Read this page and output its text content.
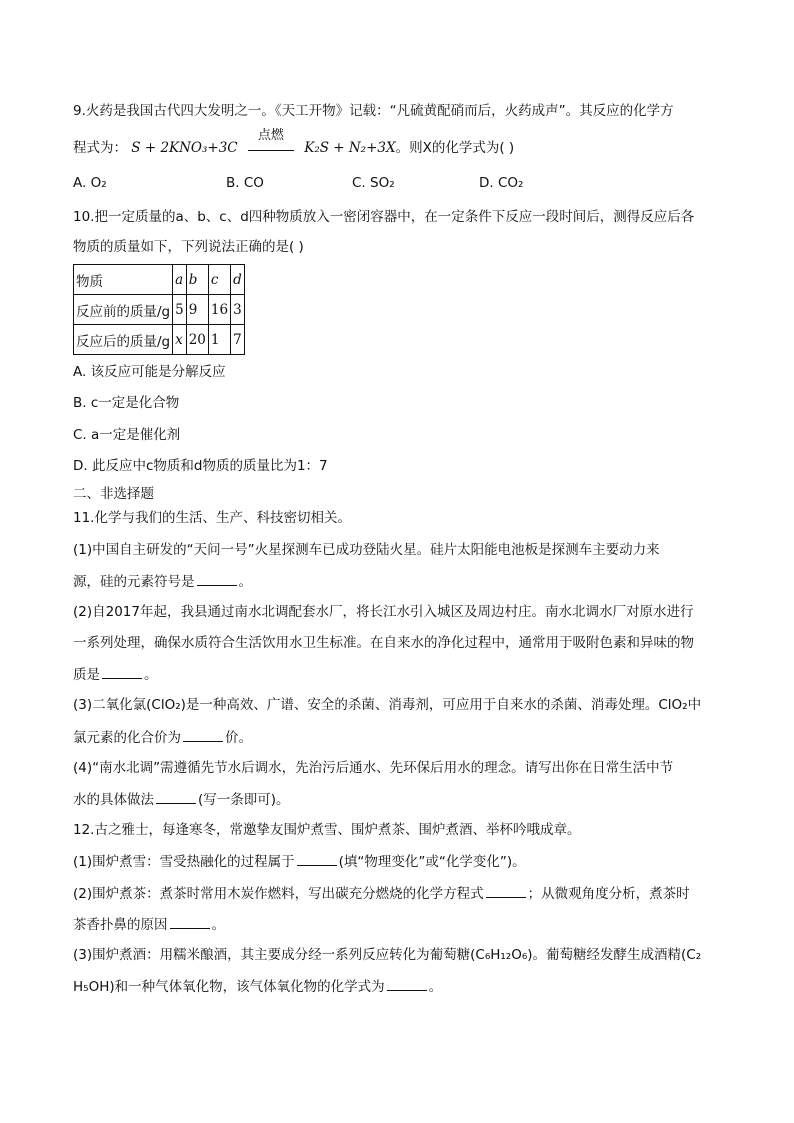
9.火药是我国古代四大发明之一。《天工开物》记载：“凡硫黄配硝而后，火药成声”。其反应的化学方
程式为： S + 2KNO₃+3C
点燃
K₂S + N₂+3X。则X的化学式为( )
A. O₂	B. CO	C. SO₂	D. CO₂
10.把一定质量的a、b、c、d四种物质放入一密闭容器中，在一定条件下反应一段时间后，测得反应后各
物质的质量如下，下列说法正确的是( )
物质	a	b	c	d
反应前的质量/g	5	9	16	3
反应后的质量/g	x	20	1	7
A. 该反应可能是分解反应
B. c一定是化合物
C. a一定是催化剂
D. 此反应中c物质和d物质的质量比为1：7
二、非选择题
11.化学与我们的生活、生产、科技密切相关。
(1)中国自主研发的“天问一号”火星探测车已成功登陆火星。硅片太阳能电池板是探测车主要动力来
源，硅的元素符号是	。
(2)自2017年起，我县通过南水北调配套水厂，将长江水引入城区及周边村庄。南水北调水厂对原水进行
一系列处理，确保水质符合生活饮用水卫生标准。在自来水的净化过程中，通常用于吸附色素和异味的物
质是	。
(3)二氧化氯(ClO₂)是一种高效、广谱、安全的杀菌、消毒剂，可应用于自来水的杀菌、消毒处理。ClO₂中
氯元素的化合价为	价。
(4)“南水北调”需遵循先节水后调水，先治污后通水、先环保后用水的理念。请写出你在日常生活中节
水的具体做法	(写一条即可)。
12.古之雅士，每逢寒冬，常邀挚友围炉煮雪、围炉煮茶、围炉煮酒、举杯吟哦成章。
(1)围炉煮雪：雪受热融化的过程属于	(填“物理变化”或“化学变化”)。
(2)围炉煮茶：煮茶时常用木炭作燃料，写出碳充分燃烧的化学方程式	；从微观角度分析，煮茶时
茶香扑鼻的原因	。
(3)围炉煮酒：用糯米酿酒，其主要成分经一系列反应转化为葡萄糖(C₆H₁₂O₆)。葡萄糖经发酵生成酒精(C₂
H₅OH)和一种气体氧化物，该气体氧化物的化学式为	。
